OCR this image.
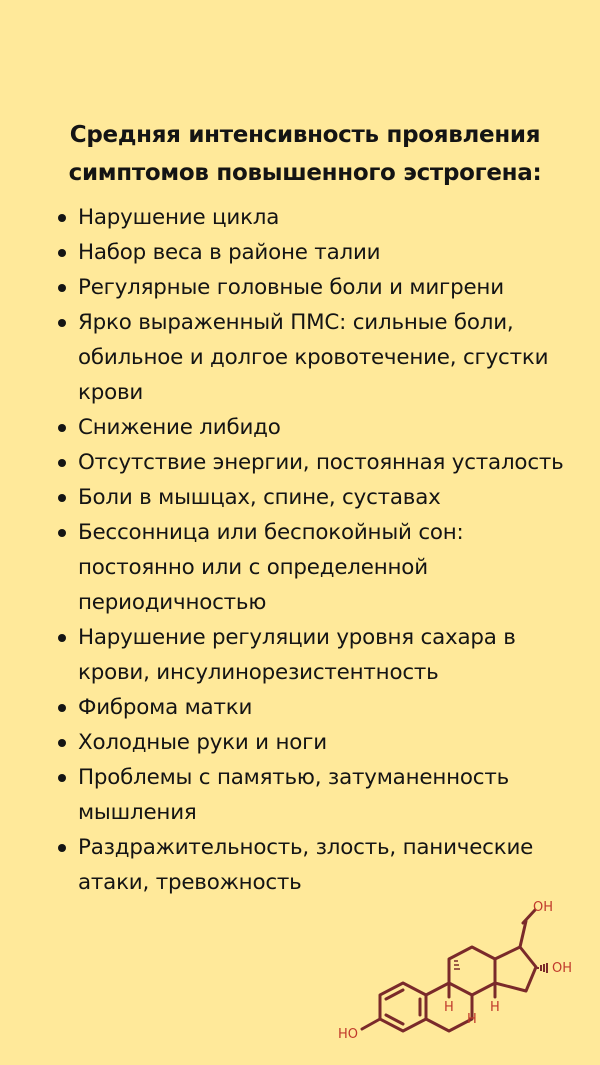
Средняя интенсивность проявления
симптомов повышенного эстрогена:
Нарушение цикла
Набор веса в районе талии
Регулярные головные боли и мигрени
Ярко выраженный ПМС: сильные боли, обильное и долгое кровотечение, сгустки крови
Снижение либидо
Отсутствие энергии, постоянная усталость
Боли в мышцах, спине, суставах
Бессонница или беспокойный сон: постоянно или с определенной периодичностью
Нарушение регуляции уровня сахара в крови, инсулинорезистентность
Фиброма матки
Холодные руки и ноги
Проблемы с памятью, затуманенность мышления
Раздражительность, злость, панические атаки, тревожность
OH
OH
HO
H
H	H
